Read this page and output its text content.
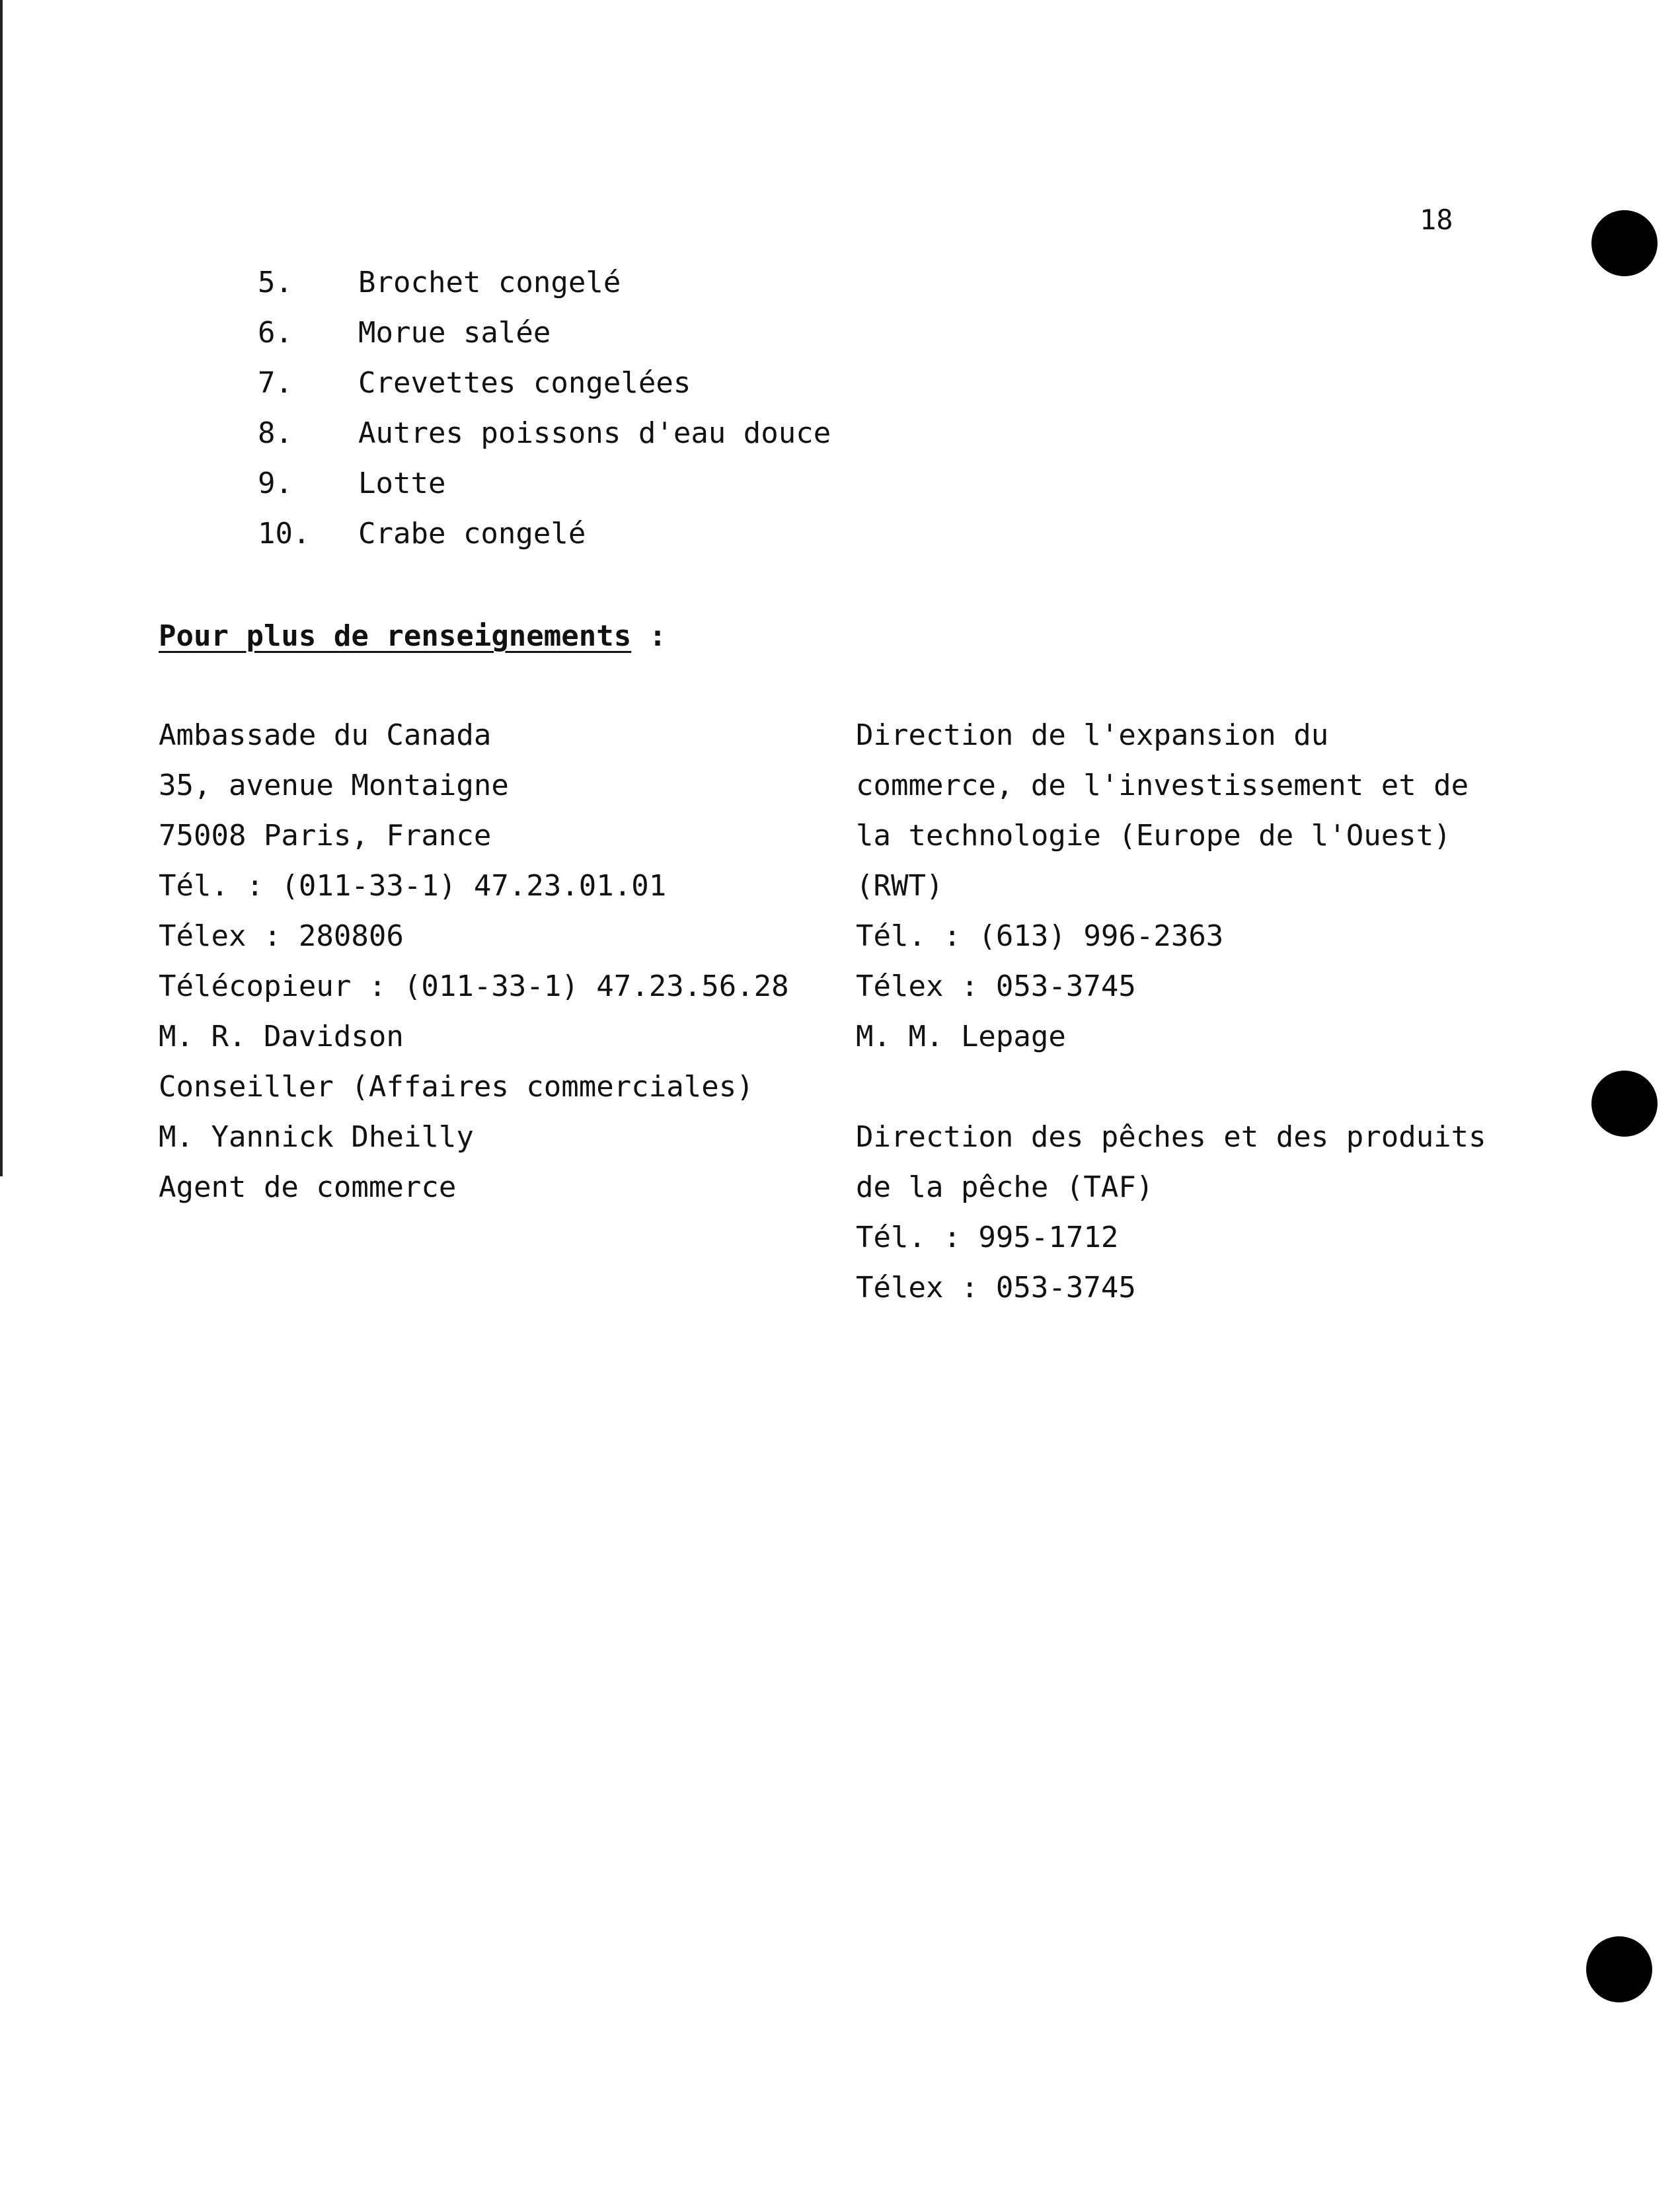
18
5. Brochet congelé
6. Morue salée
7. Crevettes congelées
8. Autres poissons d'eau douce
9. Lotte
10. Crabe congelé
Pour plus de renseignements :
Ambassade du Canada
35, avenue Montaigne
75008 Paris, France
Tél. : (011-33-1) 47.23.01.01
Télex : 280806
Télécopieur : (011-33-1) 47.23.56.28
M. R. Davidson
Conseiller (Affaires commerciales)
M. Yannick Dheilly
Agent de commerce
Direction de l'expansion du
commerce, de l'investissement et de
la technologie (Europe de l'Ouest)
(RWT)
Tél. : (613) 996-2363
Télex : 053-3745
M. M. Lepage
Direction des pêches et des produits
de la pêche (TAF)
Tél. : 995-1712
Télex : 053-3745
